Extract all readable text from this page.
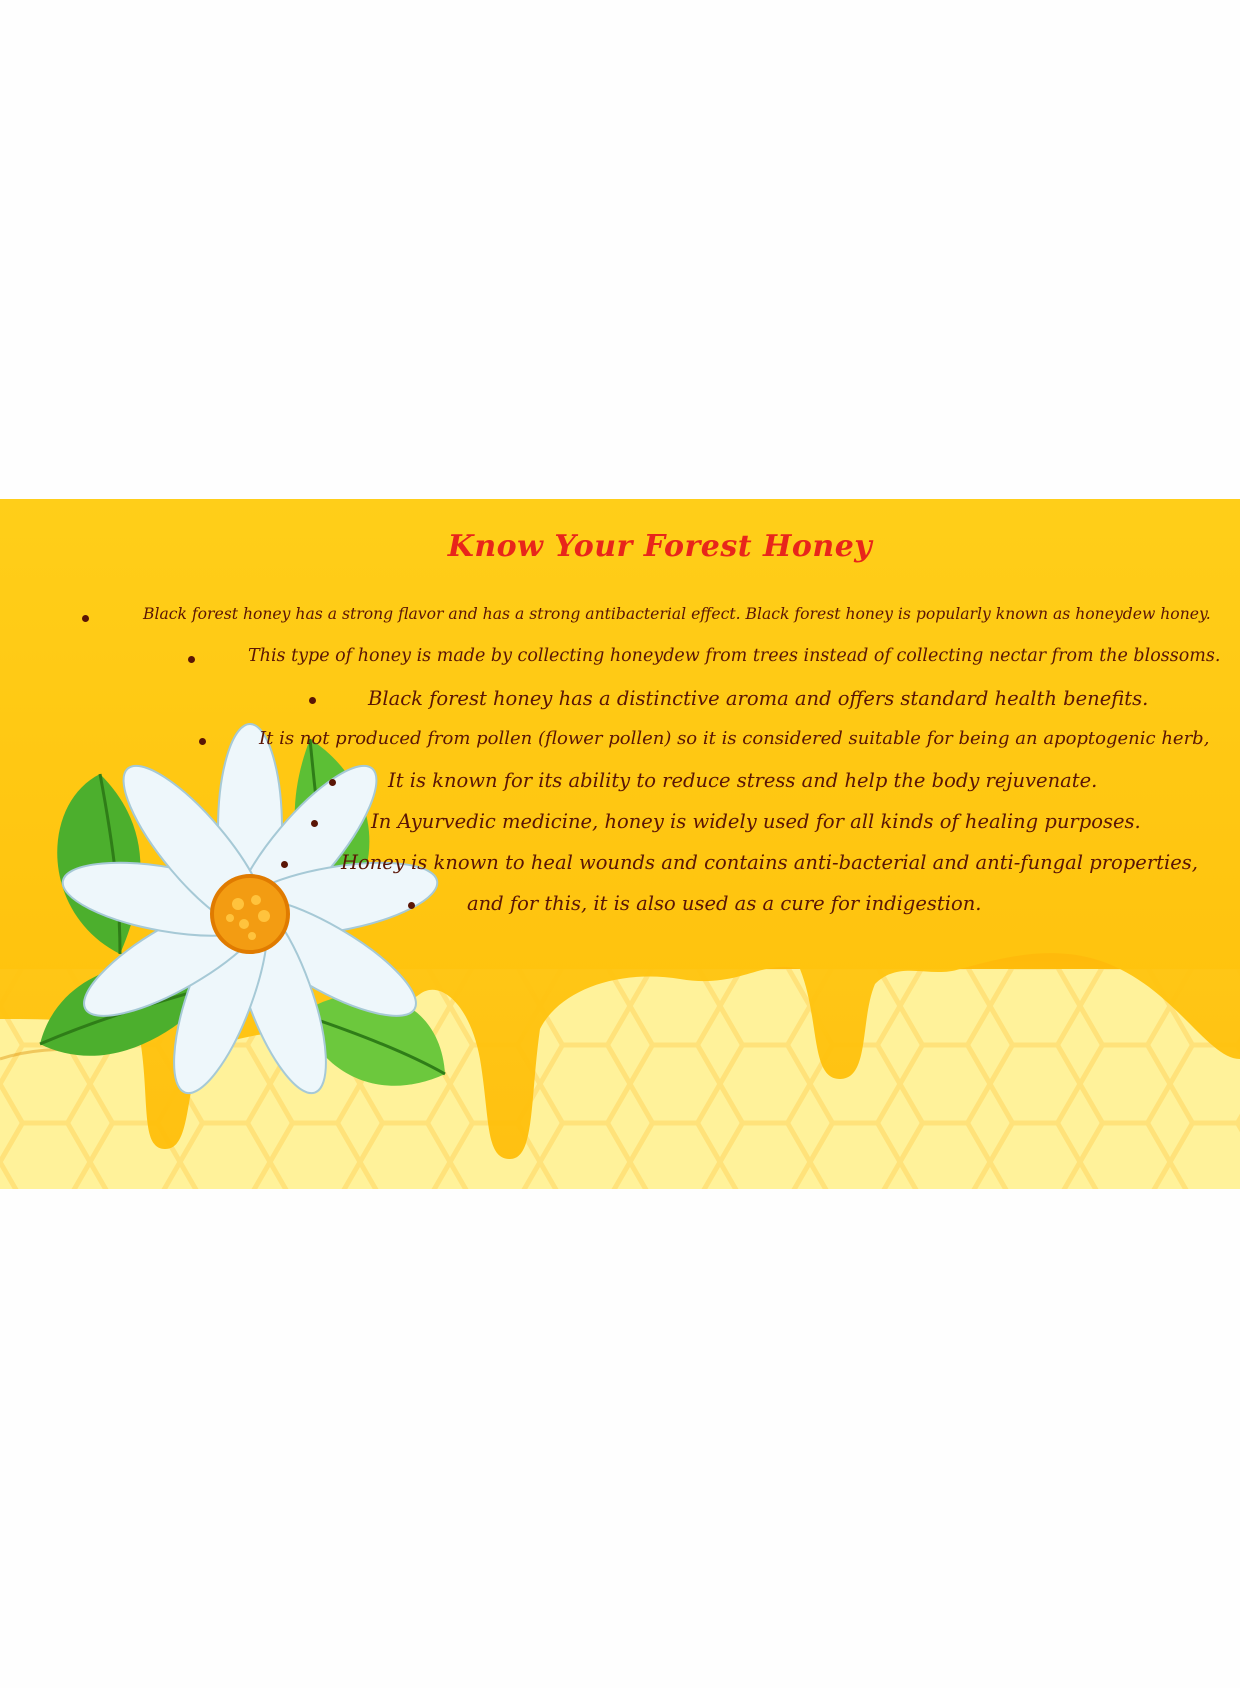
Know Your Forest Honey
Black forest honey has a strong flavor and has a strong antibacterial effect. Black forest honey is popularly known as honeydew honey.
This type of honey is made by collecting honeydew from trees instead of collecting nectar from the blossoms.
Black forest honey has a distinctive aroma and offers standard health benefits.
It is not produced from pollen (flower pollen) so it is considered suitable for being an apoptogenic herb,
It is known for its ability to reduce stress and help the body rejuvenate.
In Ayurvedic medicine, honey is widely used for all kinds of healing purposes.
Honey is known to heal wounds and contains anti-bacterial and anti-fungal properties,
and for this, it is also used as a cure for indigestion.
